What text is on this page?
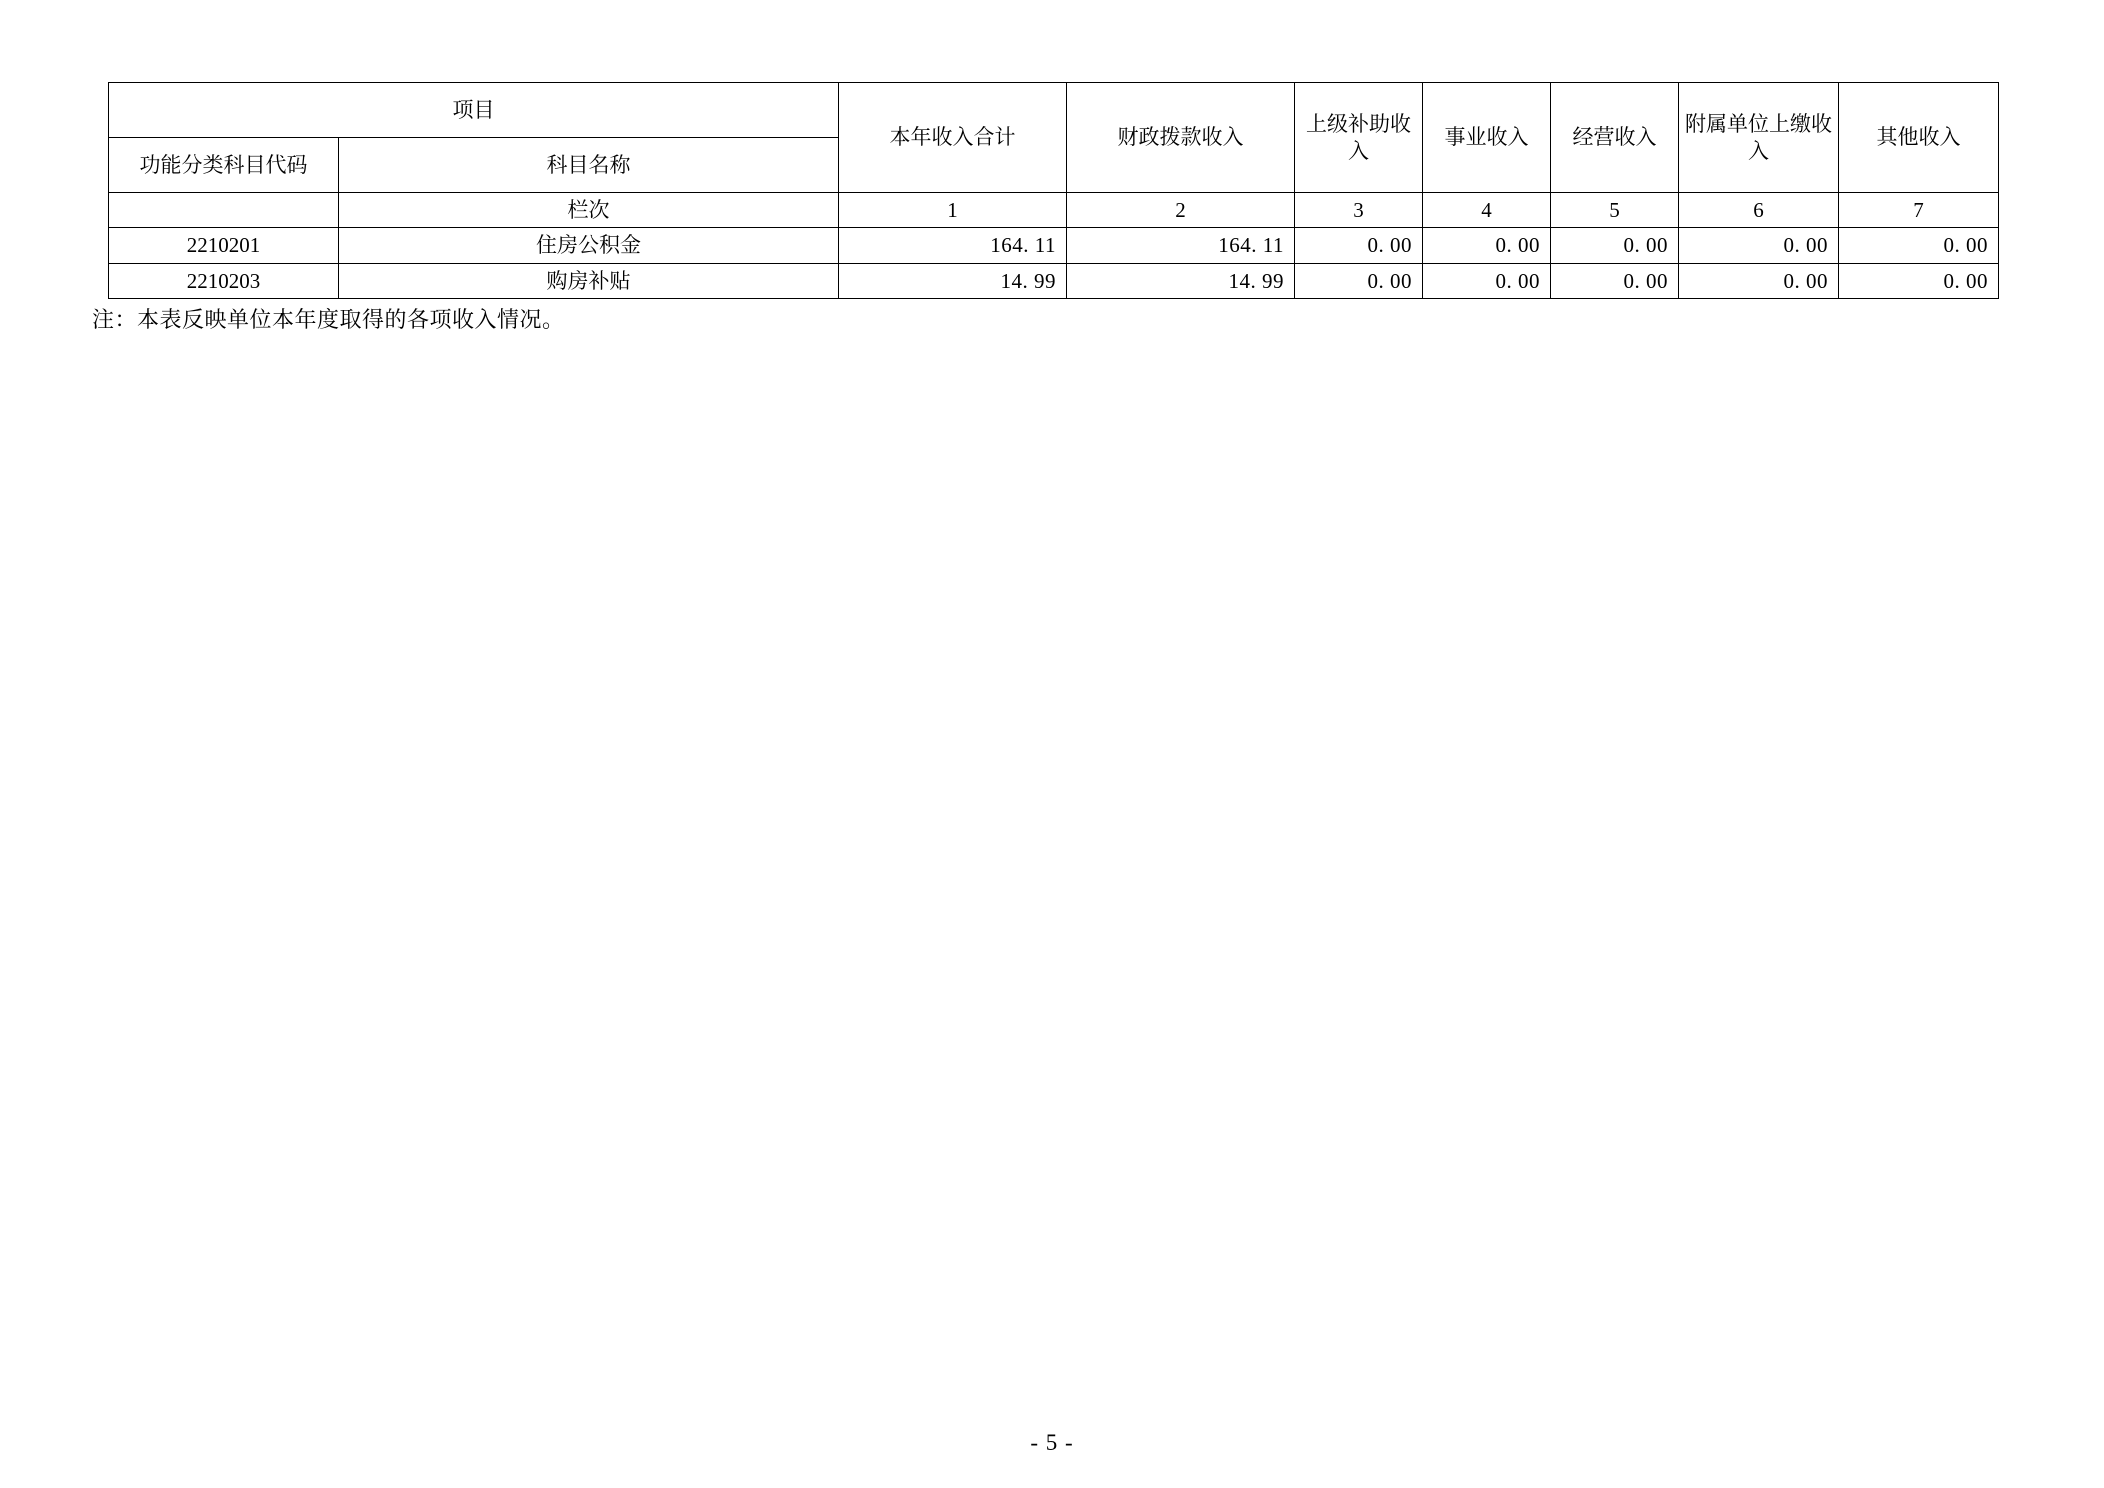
项目		本年收入合计	财政拨款收入	上级补助收入	事业收入	经营收入	附属单位上缴收入	其他收入
功能分类科目代码	科目名称							
	栏次	1	2	3	4	5	6	7
2210201	住房公积金	164. 11	164. 11	0. 00	0. 00	0. 00	0. 00	0. 00
2210203	购房补贴	14. 99	14. 99	0. 00	0. 00	0. 00	0. 00	0. 00
注：本表反映单位本年度取得的各项收入情况。
- 5 -
